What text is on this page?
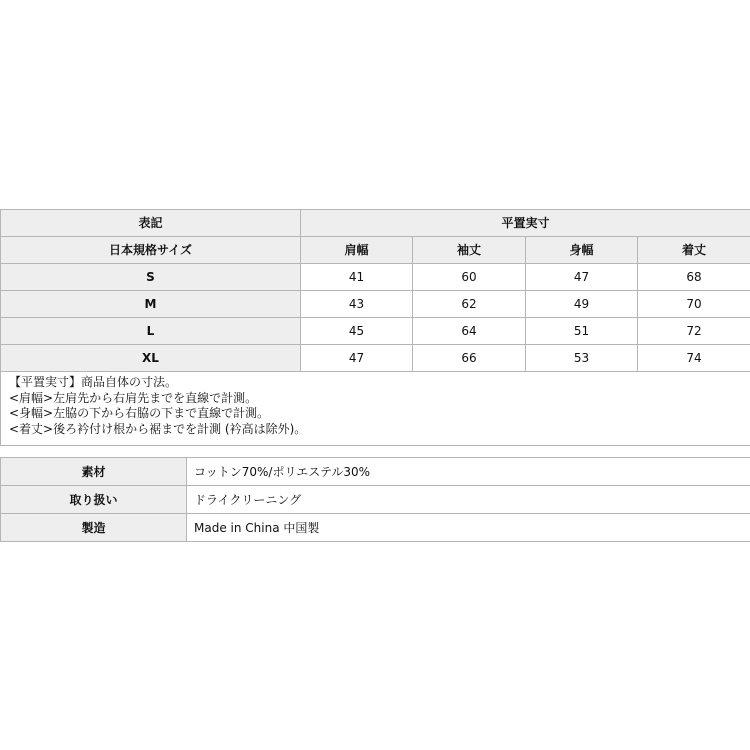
表記	平置実寸			
日本規格サイズ	肩幅	袖丈	身幅	着丈
S	41	60	47	68
M	43	62	49	70
L	45	64	51	72
XL	47	66	53	74

【平置実寸】商品自体の寸法。
<肩幅>左肩先から右肩先までを直線で計測。
<身幅>左脇の下から右脇の下まで直線で計測。
<着丈>後ろ衿付け根から裾までを計測 (衿高は除外)。				
素材	コットン70%/ポリエステル30%
取り扱い	ドライクリーニング
製造	Made in China 中国製
